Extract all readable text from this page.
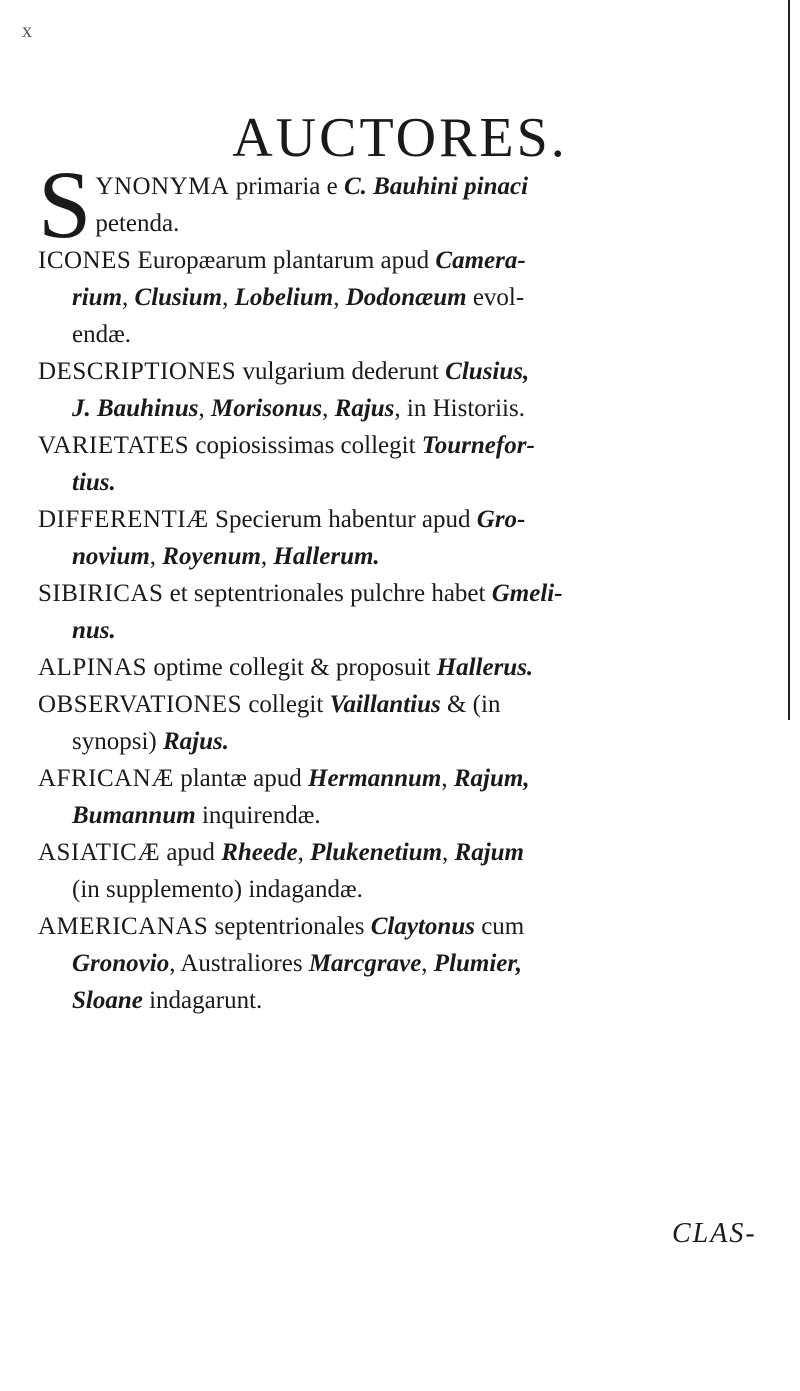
x
AUCTORES.
S YNONYMA primaria e C. Bauhini pinaci
petenda.
ICONES Europæarum plantarum apud Camera-
rium, Clusium, Lobelium, Dodonæum evol-
endæ.
DESCRIPTIONES vulgarium dederunt Clusius,
J. Bauhinus, Morisonus, Rajus, in Historiis.
VARIETATES copiosissimas collegit Tournefor-
tius.
DIFFERENTIÆ Specierum habentur apud Gro-
novium, Royenum, Hallerum.
SIBIRICAS et septentrionales pulchre habet Gmeli-
nus.
ALPINAS optime collegit & proposuit Hallerus.
OBSERVATIONES collegit Vaillantius & (in
synopsi) Rajus.
AFRICANÆ plantæ apud Hermannum, Rajum,
Bumannum inquirendæ.
ASIATICÆ apud Rheede, Plukenetium, Rajum
(in supplemento) indagandæ.
AMERICANAS septentrionales Claytonus cum
Gronovio, Australiores Marcgrave, Plumier,
Sloane indagarunt.
CLAS-
